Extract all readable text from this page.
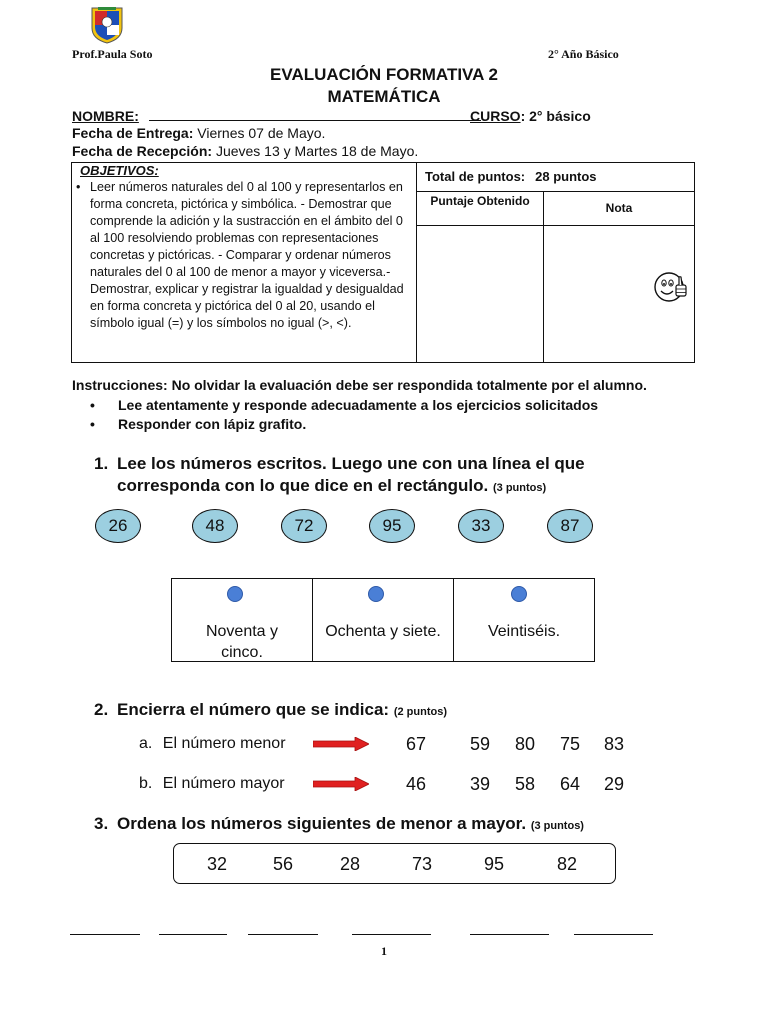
Prof.Paula Soto	2° Año Básico
EVALUACIÓN FORMATIVA 2
MATEMÁTICA
NOMBRE:	CURSO: 2° básico
Fecha de Entrega: Viernes 07 de Mayo.
Fecha de Recepción: Jueves 13 y Martes 18 de Mayo.
OBJETIVOS:
• Leer números naturales del 0 al 100 y representarlos en forma concreta, pictórica y simbólica. - Demostrar que comprende la adición y la sustracción en el ámbito del 0 al 100 resolviendo problemas con representaciones concretas y pictóricas. - Comparar y ordenar números naturales del 0 al 100 de menor a mayor y viceversa.- Demostrar, explicar y registrar la igualdad y desigualdad en forma concreta y pictórica del 0 al 20, usando el símbolo igual (=) y los símbolos no igual (>, <).
Total de puntos: 28 puntos
Puntaje Obtenido	Nota
Instrucciones: No olvidar la evaluación debe ser respondida totalmente por el alumno.
• Lee atentamente y responde adecuadamente a los ejercicios solicitados
• Responder con lápiz grafito.
1. Lee los números escritos. Luego une con una línea el que
corresponda con lo que dice en el rectángulo. (3 puntos)
26	48	72	95	33	87
Noventa y cinco.
Ochenta y siete.	Veintiséis.
2. Encierra el número que se indica: (2 puntos)
a. El número menor	67 59 80 75 83
b. El número mayor	46 39 58 64 29
3. Ordena los números siguientes de menor a mayor. (3 puntos)
32	56	28	73	95	82
1
